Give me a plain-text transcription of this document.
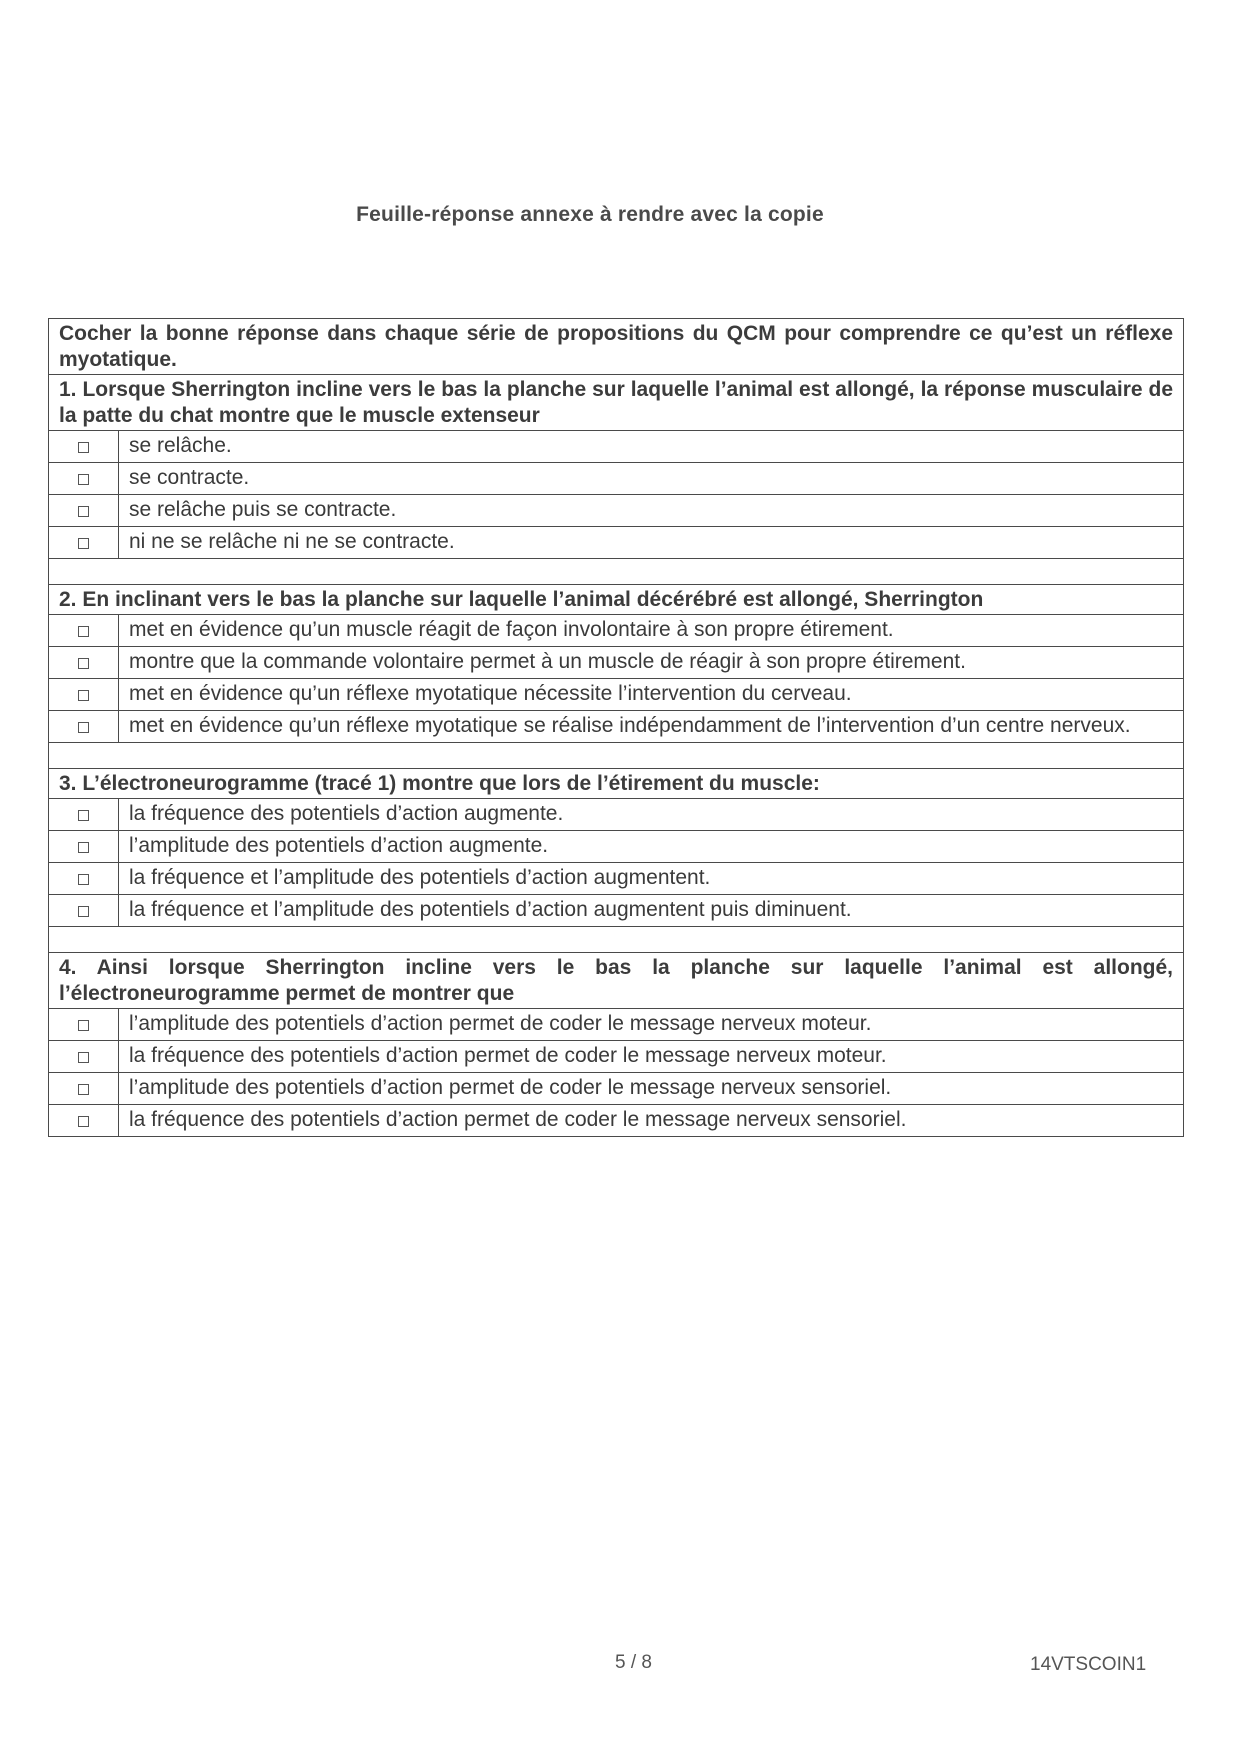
Feuille-réponse annexe à rendre avec la copie
Cocher la bonne réponse dans chaque série de propositions du QCM pour comprendre ce qu’est un réflexe myotatique.	
1. Lorsque Sherrington incline vers le bas la planche sur laquelle l’animal est allongé, la réponse musculaire de la patte du chat montre que le muscle extenseur	
	se relâche.
	se contracte.
	se relâche puis se contracte.
	ni ne se relâche ni ne se contracte.

2. En inclinant vers le bas la planche sur laquelle l’animal décérébré est allongé, Sherrington	
	met en évidence qu’un muscle réagit de façon involontaire à son propre étirement.
	montre que la commande volontaire permet à un muscle de réagir à son propre étirement.
	met en évidence qu’un réflexe myotatique nécessite l’intervention du cerveau.
	met en évidence qu’un réflexe myotatique se réalise indépendamment de l’intervention d’un centre nerveux.

3. L’électroneurogramme (tracé 1) montre que lors de l’étirement du muscle:	
	la fréquence des potentiels d’action augmente.
	l’amplitude des potentiels d’action augmente.
	la fréquence et l’amplitude des potentiels d’action augmentent.
	la fréquence et l’amplitude des potentiels d’action augmentent puis diminuent.

4. Ainsi lorsque Sherrington incline vers le bas la planche sur laquelle l’animal est allongé, l’électroneurogramme permet de montrer que	
	l’amplitude des potentiels d’action permet de coder le message nerveux moteur.
	la fréquence des potentiels d’action permet de coder le message nerveux moteur.
	l’amplitude des potentiels d’action permet de coder le message nerveux sensoriel.
	la fréquence des potentiels d’action permet de coder le message nerveux sensoriel.
5 / 8	14VTSCOIN1
